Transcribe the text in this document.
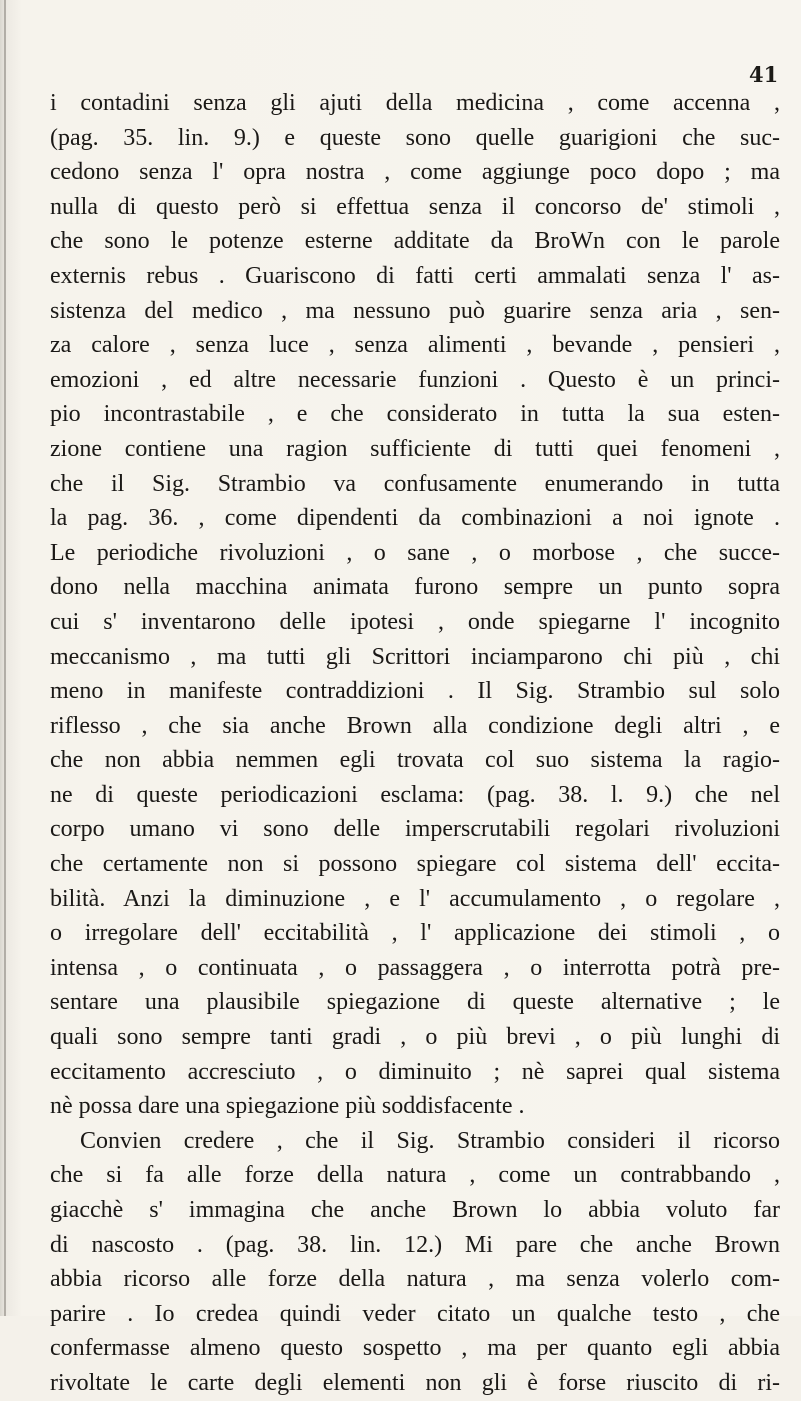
41
i contadini senza gli ajuti della medicina , come accenna ,
(pag. 35. lin. 9.) e queste sono quelle guarigioni che suc-
cedono senza l' opra nostra , come aggiunge poco dopo ; ma
nulla di questo però si effettua senza il concorso de' stimoli ,
che sono le potenze esterne additate da BroWn con le parole
externis rebus . Guariscono di fatti certi ammalati senza l' as-
sistenza del medico , ma nessuno può guarire senza aria , sen-
za calore , senza luce , senza alimenti , bevande , pensieri ,
emozioni , ed altre necessarie funzioni . Questo è un princi-
pio incontrastabile , e che considerato in tutta la sua esten-
zione contiene una ragion sufficiente di tutti quei fenomeni ,
che il Sig. Strambio va confusamente enumerando in tutta
la pag. 36. , come dipendenti da combinazioni a noi ignote .
Le periodiche rivoluzioni , o sane , o morbose , che succe-
dono nella macchina animata furono sempre un punto sopra
cui s' inventarono delle ipotesi , onde spiegarne l' incognito
meccanismo , ma tutti gli Scrittori inciamparono chi più , chi
meno in manifeste contraddizioni . Il Sig. Strambio sul solo
riflesso , che sia anche Brown alla condizione degli altri , e
che non abbia nemmen egli trovata col suo sistema la ragio-
ne di queste periodicazioni esclama: (pag. 38. l. 9.) che nel
corpo umano vi sono delle imperscrutabili regolari rivoluzioni
che certamente non si possono spiegare col sistema dell' eccita-
bilità. Anzi la diminuzione , e l' accumulamento , o regolare ,
o irregolare dell' eccitabilità , l' applicazione dei stimoli , o
intensa , o continuata , o passaggera , o interrotta potrà pre-
sentare una plausibile spiegazione di queste alternative ; le
quali sono sempre tanti gradi , o più brevi , o più lunghi di
eccitamento accresciuto , o diminuito ; nè saprei qual sistema
nè possa dare una spiegazione più soddisfacente .
Convien credere , che il Sig. Strambio consideri il ricorso
che si fa alle forze della natura , come un contrabbando ,
giacchè s' immagina che anche Brown lo abbia voluto far
di nascosto . (pag. 38. lin. 12.) Mi pare che anche Brown
abbia ricorso alle forze della natura , ma senza volerlo com-
parire . Io credea quindi veder citato un qualche testo , che
confermasse almeno questo sospetto , ma per quanto egli abbia
rivoltate le carte degli elementi non gli è forse riuscito di ri-
